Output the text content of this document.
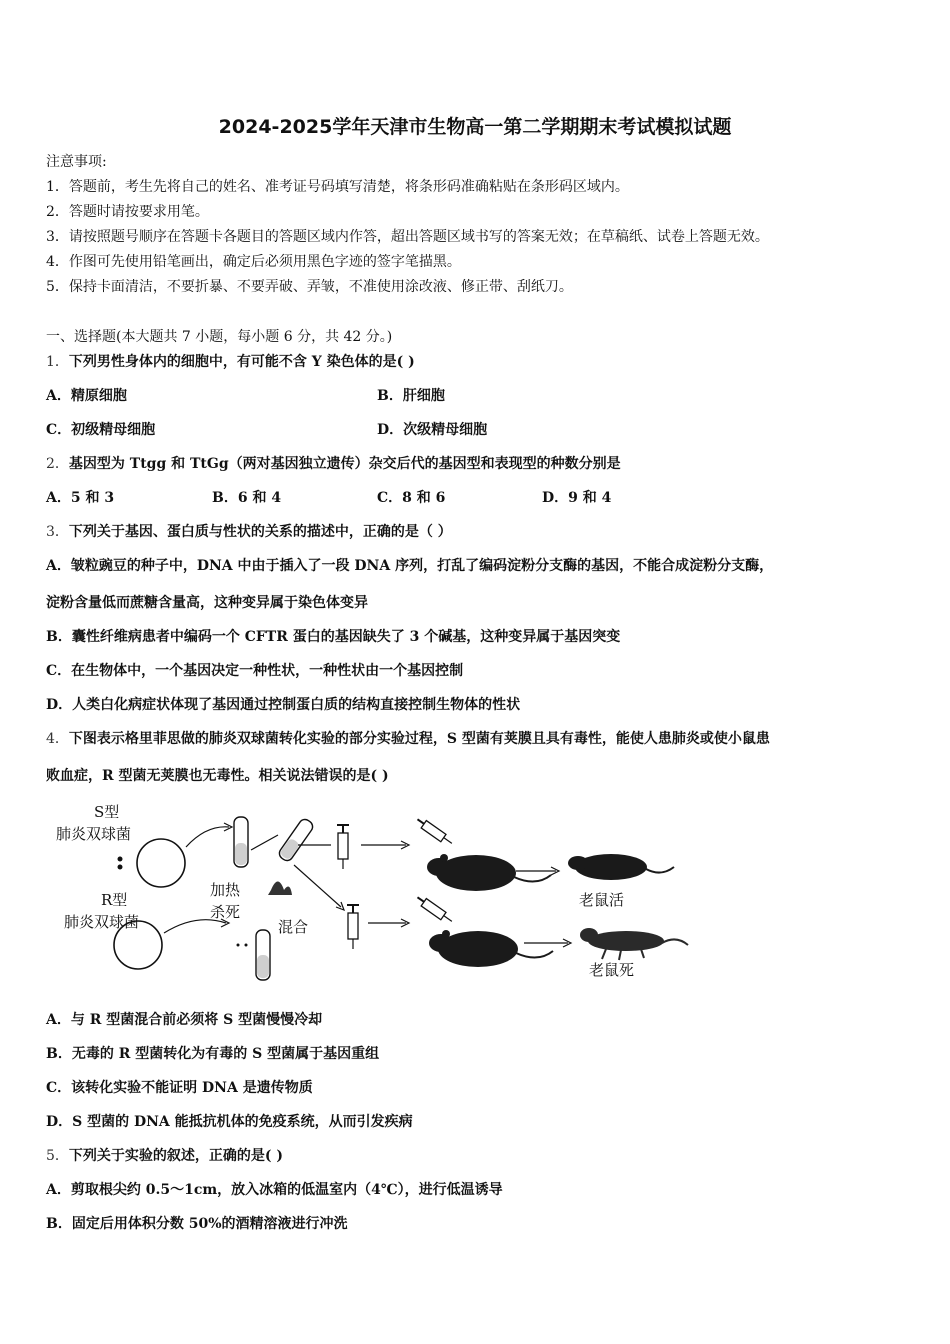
2024-2025学年天津市生物高一第二学期期末考试模拟试题
注意事项:
1．答题前，考生先将自己的姓名、准考证号码填写清楚，将条形码准确粘贴在条形码区域内。
2．答题时请按要求用笔。
3．请按照题号顺序在答题卡各题目的答题区域内作答，超出答题区域书写的答案无效；在草稿纸、试卷上答题无效。
4．作图可先使用铅笔画出，确定后必须用黑色字迹的签字笔描黑。
5．保持卡面清洁，不要折暴、不要弄破、弄皱，不准使用涂改液、修正带、刮纸刀。
一、选择题(本大题共 7 小题，每小题 6 分，共 42 分。)
1．下列男性身体内的细胞中，有可能不含 Y 染色体的是( )
A．精原细胞	B．肝细胞
C．初级精母细胞	D．次级精母细胞
2．基因型为 Ttgg 和 TtGg（两对基因独立遗传）杂交后代的基因型和表现型的种数分别是
A．5 和 3	B．6 和 4	C．8 和 6	D．9 和 4
3．下列关于基因、蛋白质与性状的关系的描述中，正确的是（ ）
A．皱粒豌豆的种子中，DNA 中由于插入了一段 DNA 序列，打乱了编码淀粉分支酶的基因，不能合成淀粉分支酶，
淀粉含量低而蔗糖含量高，这种变异属于染色体变异
B．囊性纤维病患者中编码一个 CFTR 蛋白的基因缺失了 3 个碱基，这种变异属于基因突变
C．在生物体中，一个基因决定一种性状，一种性状由一个基因控制
D．人类白化病症状体现了基因通过控制蛋白质的结构直接控制生物体的性状
4．下图表示格里菲思做的肺炎双球菌转化实验的部分实验过程，S 型菌有荚膜且具有毒性，能使人患肺炎或使小鼠患
败血症，R 型菌无荚膜也无毒性。相关说法错误的是( )
S型
肺炎双球菌
R型
肺炎双球菌
加热
杀死
混合
老鼠活
老鼠死
A．与 R 型菌混合前必须将 S 型菌慢慢冷却
B．无毒的 R 型菌转化为有毒的 S 型菌属于基因重组
C．该转化实验不能证明 DNA 是遗传物质
D．S 型菌的 DNA 能抵抗机体的免疫系统，从而引发疾病
5．下列关于实验的叙述，正确的是( )
A．剪取根尖约 0.5～1cm，放入冰箱的低温室内（4℃），进行低温诱导
B．固定后用体积分数 50%的酒精溶液进行冲洗
